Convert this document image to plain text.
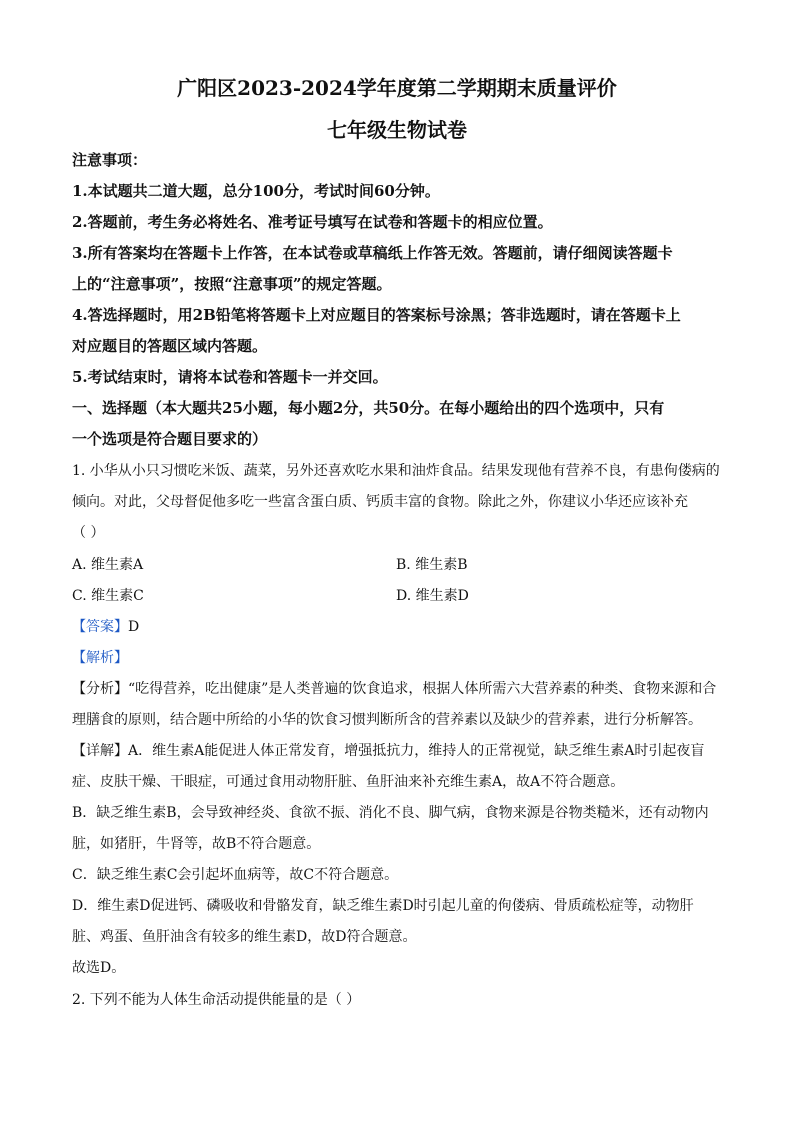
广阳区2023-2024学年度第二学期期末质量评价
七年级生物试卷
注意事项：
1.本试题共二道大题，总分100分，考试时间60分钟。
2.答题前，考生务必将姓名、准考证号填写在试卷和答题卡的相应位置。
3.所有答案均在答题卡上作答，在本试卷或草稿纸上作答无效。答题前，请仔细阅读答题卡
上的“注意事项”，按照“注意事项”的规定答题。
4.答选择题时，用2B铅笔将答题卡上对应题目的答案标号涂黑；答非选题时，请在答题卡上
对应题目的答题区域内答题。
5.考试结束时，请将本试卷和答题卡一并交回。
一、选择题（本大题共25小题，每小题2分，共50分。在每小题给出的四个选项中，只有
一个选项是符合题目要求的）
1. 小华从小只习惯吃米饭、蔬菜，另外还喜欢吃水果和油炸食品。结果发现他有营养不良，有患佝偻病的
倾向。对此，父母督促他多吃一些富含蛋白质、钙质丰富的食物。除此之外，你建议小华还应该补充
（ ）
A. 维生素A	B. 维生素B
C. 维生素C	D. 维生素D
【答案】D
【解析】
【分析】“吃得营养，吃出健康”是人类普遍的饮食追求，根据人体所需六大营养素的种类、食物来源和合
理膳食的原则，结合题中所给的小华的饮食习惯判断所含的营养素以及缺少的营养素，进行分析解答。
【详解】A．维生素A能促进人体正常发育，增强抵抗力，维持人的正常视觉，缺乏维生素A时引起夜盲
症、皮肤干燥、干眼症，可通过食用动物肝脏、鱼肝油来补充维生素A，故A不符合题意。
B．缺乏维生素B，会导致神经炎、食欲不振、消化不良、脚气病，食物来源是谷物类糙米，还有动物内
脏，如猪肝，牛肾等，故B不符合题意。
C．缺乏维生素C会引起坏血病等，故C不符合题意。
D．维生素D促进钙、磷吸收和骨骼发育，缺乏维生素D时引起儿童的佝偻病、骨质疏松症等，动物肝
脏、鸡蛋、鱼肝油含有较多的维生素D，故D符合题意。
故选D。
2. 下列不能为人体生命活动提供能量的是（ ）
